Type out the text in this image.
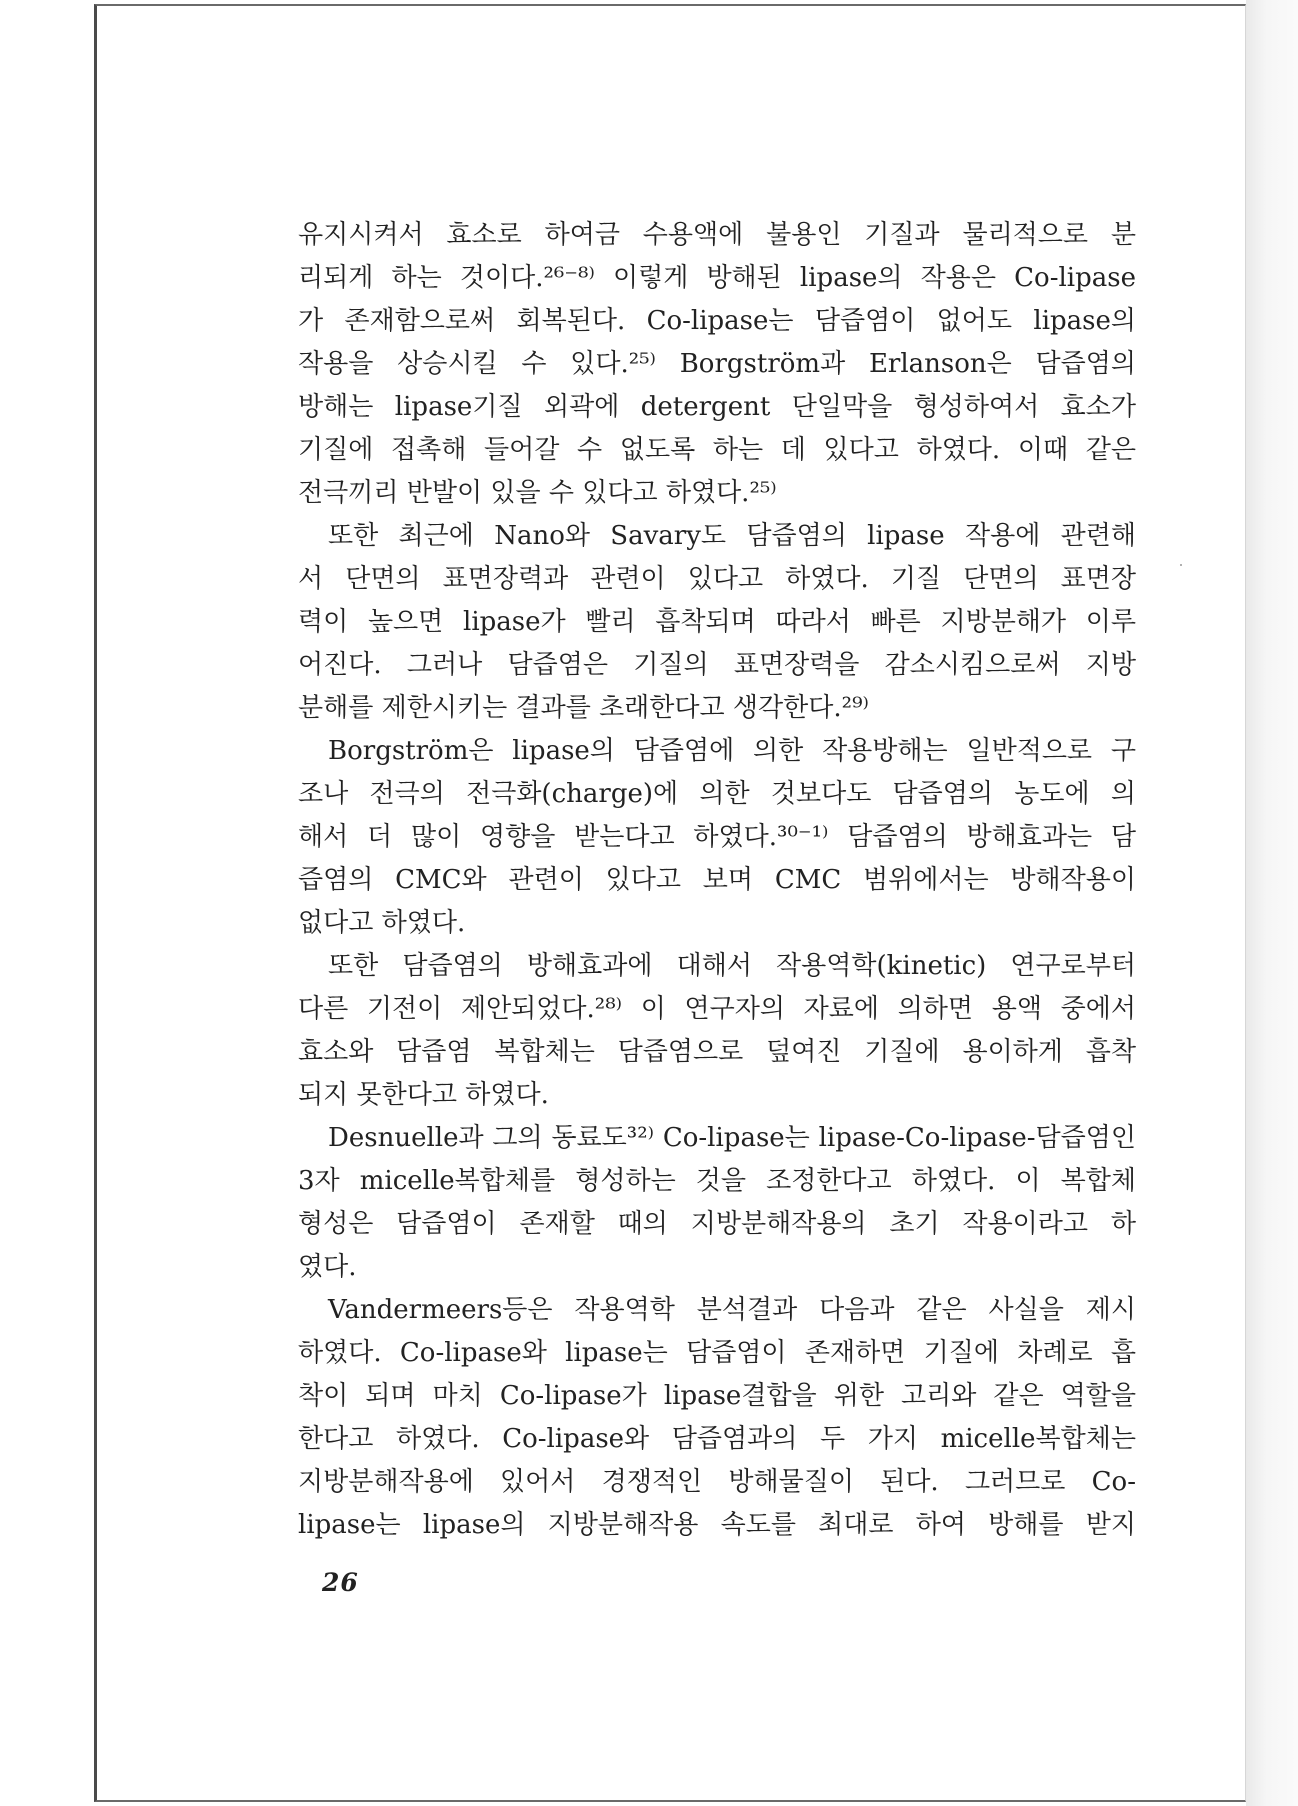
유지시켜서 효소로 하여금 수용액에 불용인 기질과 물리적으로 분
리되게 하는 것이다.²⁶⁻⁸⁾ 이렇게 방해된 lipase의 작용은 Co-lipase
가 존재함으로써 회복된다. Co-lipase는 담즙염이 없어도 lipase의
작용을 상승시킬 수 있다.²⁵⁾ Borgström과 Erlanson은 담즙염의
방해는 lipase기질 외곽에 detergent 단일막을 형성하여서 효소가
기질에 접촉해 들어갈 수 없도록 하는 데 있다고 하였다. 이때 같은
전극끼리 반발이 있을 수 있다고 하였다.²⁵⁾
또한 최근에 Nano와 Savary도 담즙염의 lipase 작용에 관련해
서 단면의 표면장력과 관련이 있다고 하였다. 기질 단면의 표면장
력이 높으면 lipase가 빨리 흡착되며 따라서 빠른 지방분해가 이루
어진다. 그러나 담즙염은 기질의 표면장력을 감소시킴으로써 지방
분해를 제한시키는 결과를 초래한다고 생각한다.²⁹⁾
Borgström은 lipase의 담즙염에 의한 작용방해는 일반적으로 구
조나 전극의 전극화(charge)에 의한 것보다도 담즙염의 농도에 의
해서 더 많이 영향을 받는다고 하였다.³⁰⁻¹⁾ 담즙염의 방해효과는 담
즙염의 CMC와 관련이 있다고 보며 CMC 범위에서는 방해작용이
없다고 하였다.
또한 담즙염의 방해효과에 대해서 작용역학(kinetic) 연구로부터
다른 기전이 제안되었다.²⁸⁾ 이 연구자의 자료에 의하면 용액 중에서
효소와 담즙염 복합체는 담즙염으로 덮여진 기질에 용이하게 흡착
되지 못한다고 하였다.
Desnuelle과 그의 동료도³²⁾ Co-lipase는 lipase-Co-lipase-담즙염인
3자 micelle복합체를 형성하는 것을 조정한다고 하였다. 이 복합체
형성은 담즙염이 존재할 때의 지방분해작용의 초기 작용이라고 하
였다.
Vandermeers등은 작용역학 분석결과 다음과 같은 사실을 제시
하였다. Co-lipase와 lipase는 담즙염이 존재하면 기질에 차례로 흡
착이 되며 마치 Co-lipase가 lipase결합을 위한 고리와 같은 역할을
한다고 하였다. Co-lipase와 담즙염과의 두 가지 micelle복합체는
지방분해작용에 있어서 경쟁적인 방해물질이 된다. 그러므로 Co-
lipase는 lipase의 지방분해작용 속도를 최대로 하여 방해를 받지
26
